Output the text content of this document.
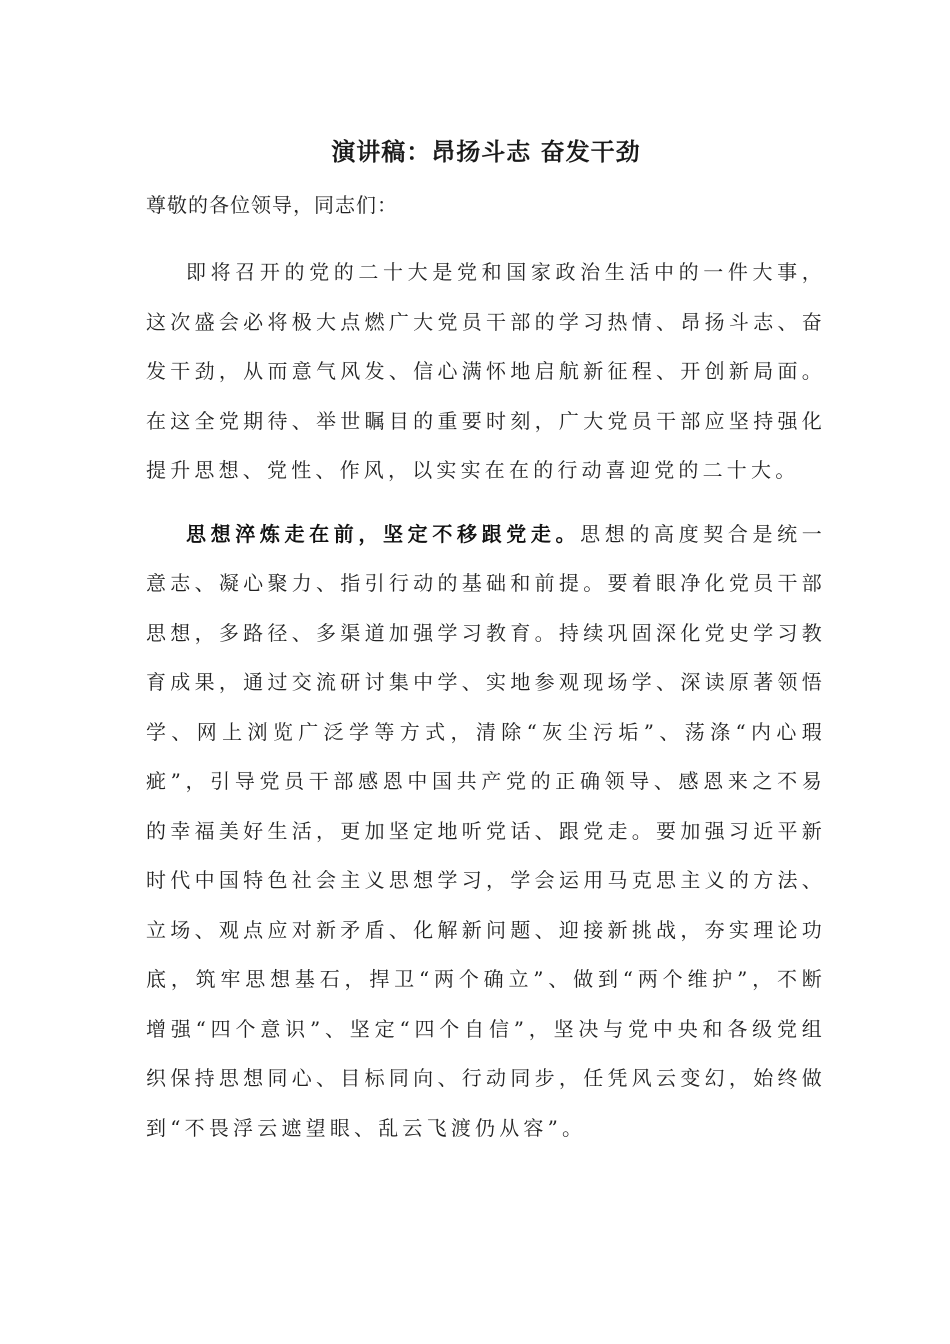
演讲稿：昂扬斗志 奋发干劲

尊敬的各位领导，同志们：

即将召开的党的二十大是党和国家政治生活中的一件大事，这次盛会必将极大点燃广大党员干部的学习热情、昂扬斗志、奋发干劲，从而意气风发、信心满怀地启航新征程、开创新局面。在这全党期待、举世瞩目的重要时刻，广大党员干部应坚持强化提升思想、党性、作风，以实实在在的行动喜迎党的二十大。

思想淬炼走在前，坚定不移跟党走。思想的高度契合是统一意志、凝心聚力、指引行动的基础和前提。要着眼净化党员干部思想，多路径、多渠道加强学习教育。持续巩固深化党史学习教育成果，通过交流研讨集中学、实地参观现场学、深读原著领悟学、网上浏览广泛学等方式，清除“灰尘污垢”、荡涤“内心瑕疵”，引导党员干部感恩中国共产党的正确领导、感恩来之不易的幸福美好生活，更加坚定地听党话、跟党走。要加强习近平新时代中国特色社会主义思想学习，学会运用马克思主义的方法、立场、观点应对新矛盾、化解新问题、迎接新挑战，夯实理论功底，筑牢思想基石，捍卫“两个确立”、做到“两个维护”，不断增强“四个意识”、坚定“四个自信”，坚决与党中央和各级党组织保持思想同心、目标同向、行动同步，任凭风云变幻，始终做到“不畏浮云遮望眼、乱云飞渡仍从容”。
